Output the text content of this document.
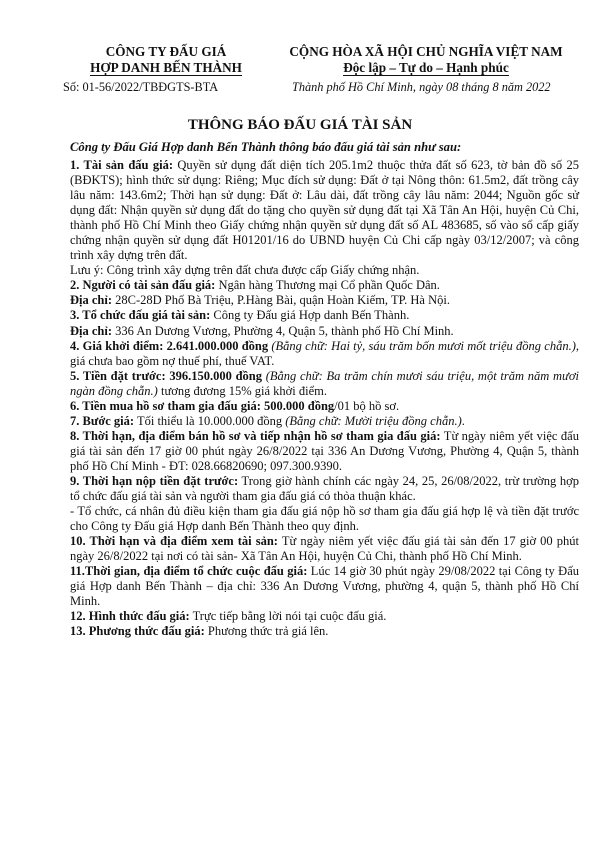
CÔNG TY ĐẤU GIÁ
HỢP DANH BẾN THÀNH
CỘNG HÒA XÃ HỘI CHỦ NGHĨA VIỆT NAM
Độc lập – Tự do – Hạnh phúc
Số: 01-56/2022/TBĐGTS-BTA	Thành phố Hồ Chí Minh, ngày 08 tháng 8 năm 2022
THÔNG BÁO ĐẤU GIÁ TÀI SẢN
Công ty Đấu Giá Hợp danh Bến Thành thông báo đấu giá tài sản như sau:

1. Tài sản đấu giá: Quyền sử dụng đất diện tích 205.1m2 thuộc thửa đất số 623, tờ bản đồ số 25 (BĐKTS); hình thức sử dụng: Riêng; Mục đích sử dụng: Đất ở tại Nông thôn: 61.5m2, đất trồng cây lâu năm: 143.6m2; Thời hạn sử dụng: Đất ở: Lâu dài, đất trồng cây lâu năm: 2044; Nguồn gốc sử dụng đất: Nhận quyền sử dụng đất do tặng cho quyền sử dụng đất tại Xã Tân An Hội, huyện Củ Chi, thành phố Hồ Chí Minh theo Giấy chứng nhận quyền sử dụng đất số AL 483685, số vào sổ cấp giấy chứng nhận quyền sử dụng đất H01201/16 do UBND huyện Củ Chi cấp ngày 03/12/2007; và công trình xây dựng trên đất.

Lưu ý: Công trình xây dựng trên đất chưa được cấp Giấy chứng nhận.

2. Người có tài sản đấu giá: Ngân hàng Thương mại Cổ phần Quốc Dân.

Địa chỉ: 28C-28D Phố Bà Triệu, P.Hàng Bài, quận Hoàn Kiếm, TP. Hà Nội.

3. Tổ chức đấu giá tài sản: Công ty Đấu giá Hợp danh Bến Thành.

Địa chỉ: 336 An Dương Vương, Phường 4, Quận 5, thành phố Hồ Chí Minh.

4. Giá khởi điểm: 2.641.000.000 đồng (Bằng chữ: Hai tỷ, sáu trăm bốn mươi mốt triệu đồng chẵn.), giá chưa bao gồm nợ thuế phí, thuế VAT.

5. Tiền đặt trước: 396.150.000 đồng (Bằng chữ: Ba trăm chín mươi sáu triệu, một trăm năm mươi ngàn đồng chẵn.) tương đương 15% giá khởi điểm.

6. Tiền mua hồ sơ tham gia đấu giá: 500.000 đồng/01 bộ hồ sơ.

7. Bước giá: Tối thiểu là 10.000.000 đồng (Bằng chữ: Mười triệu đồng chẵn.).

8. Thời hạn, địa điểm bán hồ sơ và tiếp nhận hồ sơ tham gia đấu giá: Từ ngày niêm yết việc đấu giá tài sản đến 17 giờ 00 phút ngày 26/8/2022 tại 336 An Dương Vương, Phường 4, Quận 5, thành phố Hồ Chí Minh - ĐT: 028.66820690; 097.300.9390.

9. Thời hạn nộp tiền đặt trước: Trong giờ hành chính các ngày 24, 25, 26/08/2022, trừ trường hợp tổ chức đấu giá tài sản và người tham gia đấu giá có thỏa thuận khác.

- Tổ chức, cá nhân đủ điều kiện tham gia đấu giá nộp hồ sơ tham gia đấu giá hợp lệ và tiền đặt trước cho Công ty Đấu giá Hợp danh Bến Thành theo quy định.

10. Thời hạn và địa điểm xem tài sản: Từ ngày niêm yết việc đấu giá tài sản đến 17 giờ 00 phút ngày 26/8/2022 tại nơi có tài sản- Xã Tân An Hội, huyện Củ Chi, thành phố Hồ Chí Minh.

11.Thời gian, địa điểm tổ chức cuộc đấu giá: Lúc 14 giờ 30 phút ngày 29/08/2022 tại Công ty Đấu giá Hợp danh Bến Thành – địa chỉ: 336 An Dương Vương, phường 4, quận 5, thành phố Hồ Chí Minh.

12. Hình thức đấu giá: Trực tiếp bằng lời nói tại cuộc đấu giá.

13. Phương thức đấu giá: Phương thức trả giá lên.
